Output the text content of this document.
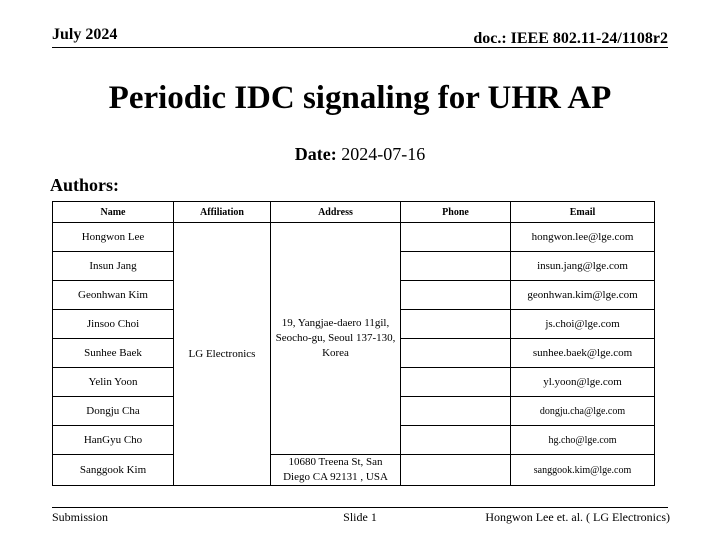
July 2024	doc.: IEEE 802.11-24/1108r2
Periodic IDC signaling for UHR AP
Date: 2024-07-16
Authors:
Name	Affiliation	Address	Phone	Email
Hongwon Lee	LG Electronics	19, Yangjae-daero 11gil, Seocho-gu, Seoul 137-130, Korea		hongwon.lee@lge.com
Insun Jang				insun.jang@lge.com
Geonhwan Kim				geonhwan.kim@lge.com
Jinsoo Choi				js.choi@lge.com
Sunhee Baek				sunhee.baek@lge.com
Yelin Yoon				yl.yoon@lge.com
Dongju Cha				dongju.cha@lge.com
HanGyu Cho				hg.cho@lge.com
Sanggook Kim		10680 Treena St, San Diego CA 92131 , USA		sanggook.kim@lge.com
Submission	Slide 1	Hongwon Lee et. al. ( LG Electronics)
